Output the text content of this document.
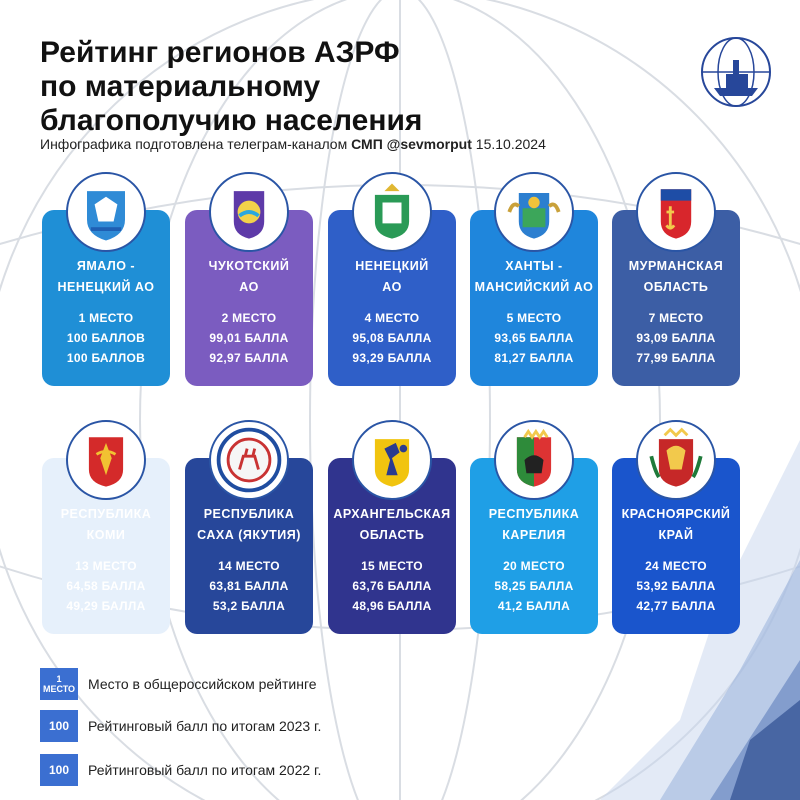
Рейтинг регионов АЗРФ
по материальному
благополучию населения
Инфографика подготовлена телеграм-каналом СМП @sevmorput 15.10.2024
ЯМАЛО -
НЕНЕЦКИЙ АО
1 МЕСТО
100 БАЛЛОВ
100 БАЛЛОВ
ЧУКОТСКИЙ
АО
2 МЕСТО
99,01 БАЛЛА
92,97 БАЛЛА
НЕНЕЦКИЙ
АО
4 МЕСТО
95,08 БАЛЛА
93,29 БАЛЛА
ХАНТЫ -
МАНСИЙСКИЙ АО
5 МЕСТО
93,65 БАЛЛА
81,27 БАЛЛА
МУРМАНСКАЯ
ОБЛАСТЬ
7 МЕСТО
93,09 БАЛЛА
77,99 БАЛЛА
РЕСПУБЛИКА
КОМИ
13 МЕСТО
64,58 БАЛЛА
49,29 БАЛЛА
РЕСПУБЛИКА
САХА (ЯКУТИЯ)
14 МЕСТО
63,81 БАЛЛА
53,2 БАЛЛА
АРХАНГЕЛЬСКАЯ
ОБЛАСТЬ
15 МЕСТО
63,76 БАЛЛА
48,96 БАЛЛА
РЕСПУБЛИКА
КАРЕЛИЯ
20 МЕСТО
58,25 БАЛЛА
41,2 БАЛЛА
КРАСНОЯРСКИЙ
КРАЙ
24 МЕСТО
53,92 БАЛЛА
42,77 БАЛЛА
1
МЕСТО Место в общероссийском рейтинге
100 Рейтинговый балл по итогам 2023 г.
100 Рейтинговый балл по итогам 2022 г.
